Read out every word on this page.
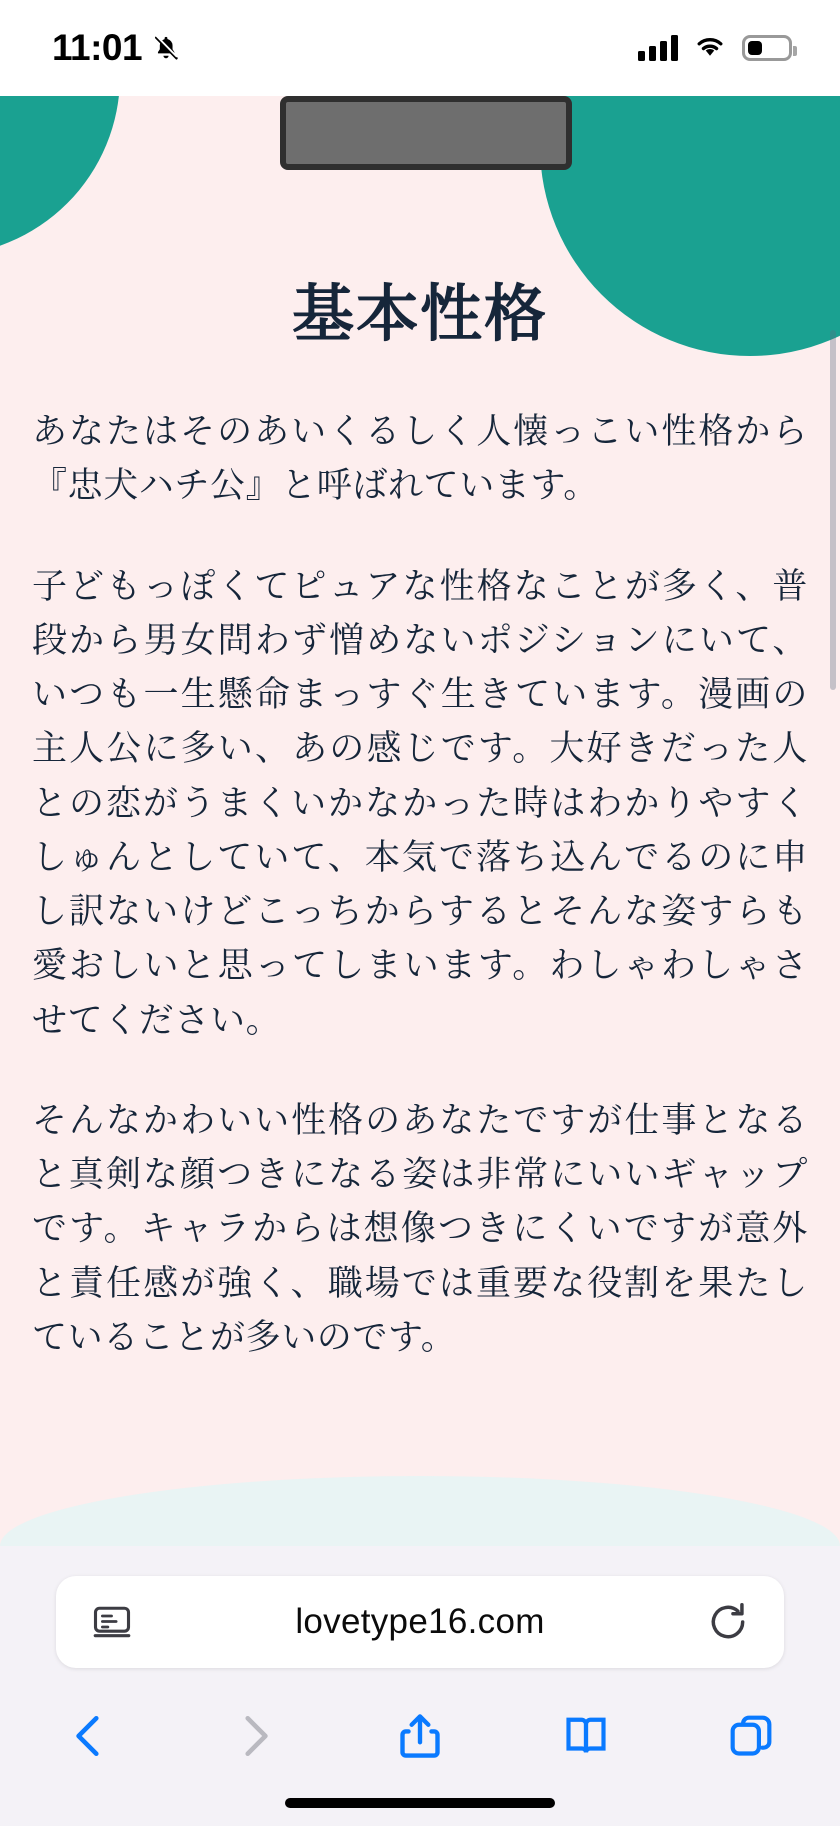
11:01
基本性格

あなたはそのあいくるしく人懐っこい性格から『忠犬ハチ公』と呼ばれています。

子どもっぽくてピュアな性格なことが多く、普段から男女問わず憎めないポジションにいて、いつも一生懸命まっすぐ生きています。漫画の主人公に多い、あの感じです。大好きだった人との恋がうまくいかなかった時はわかりやすくしゅんとしていて、本気で落ち込んでるのに申し訳ないけどこっちからするとそんな姿すらも愛おしいと思ってしまいます。わしゃわしゃさせてください。

そんなかわいい性格のあなたですが仕事となると真剣な顔つきになる姿は非常にいいギャップです。キャラからは想像つきにくいですが意外と責任感が強く、職場では重要な役割を果たしていることが多いのです。

lovetype16.com
